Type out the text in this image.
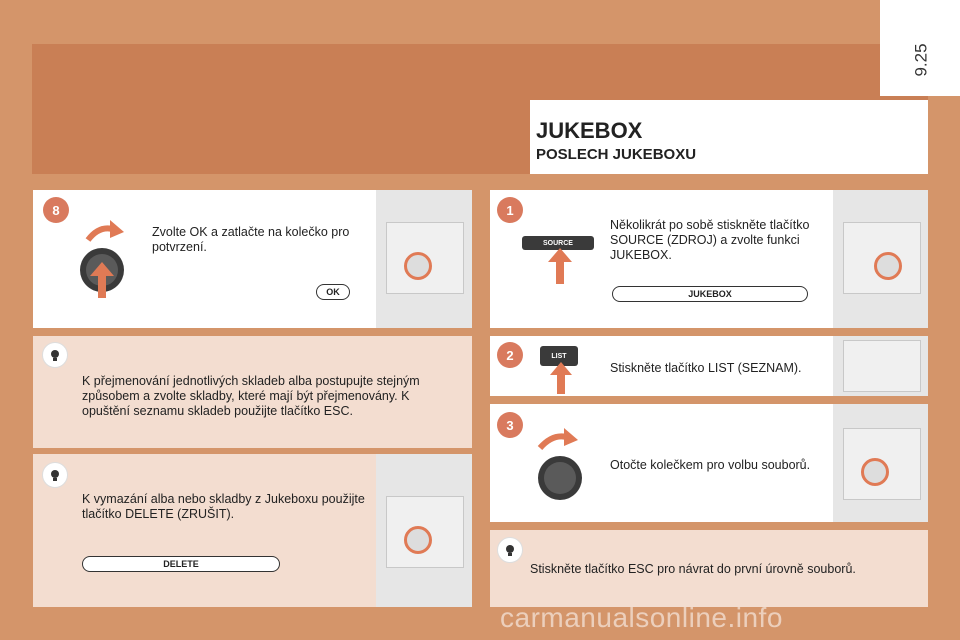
9.25
JUKEBOX
POSLECH JUKEBOXU
8
Zvolte OK a zatlačte na kolečko pro potvrzení.
OK
K přejmenování jednotlivých skladeb alba postupujte stejným způsobem a zvolte skladby, které mají být přejmenovány. K opuštění seznamu skladeb použijte tlačítko ESC.
K vymazání alba nebo skladby z Jukeboxu použijte tlačítko DELETE (ZRUŠIT).
DELETE
1
SOURCE
Několikrát po sobě stiskněte tlačítko SOURCE (ZDROJ) a zvolte funkci JUKEBOX.
JUKEBOX
2	LIST
Stiskněte tlačítko LIST (SEZNAM).
3
Otočte kolečkem pro volbu souborů.
Stiskněte tlačítko ESC pro návrat do první úrovně souborů.
carmanualsonline.info
